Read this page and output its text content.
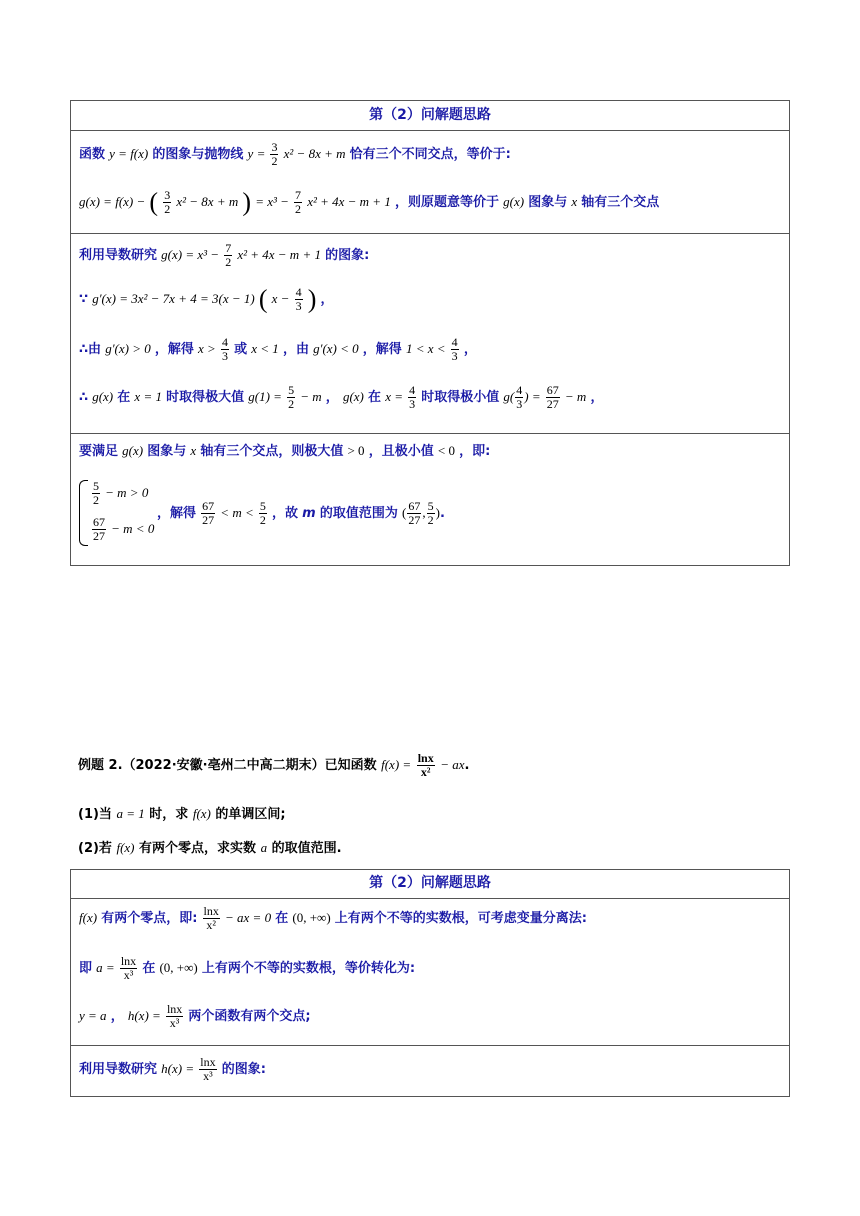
第（2）问解题思路
函数 y = f(x) 的图象与抛物线 $y = \frac{3}{2} x^2 - 8x + m$ 恰有三个不同交点，等价于:
g(x) = f(x) − ( $\frac{3}{2} x^2 - 8x + m$ ) = $x^3 - \frac{7}{2} x^2 + 4x - m + 1$ ，则原题意等价于 g(x) 图象与 x 轴有三个交点
利用导数研究 $g(x) = x^3 - \frac{7}{2} x^2 + 4x - m + 1$ 的图象:
∵ g′(x) = 3x² − 7x + 4 = 3(x − 1) ( $x - \frac{4}{3}$ ) ，
∴由 g′(x) > 0 ，解得 $x > \frac{4}{3}$ 或 x < 1 ，由 g′(x) < 0 ，解得 $1 < x < \frac{4}{3}$ ，
∴ g(x) 在 x = 1 时取得极大值 $g(1) = \frac{5}{2} - m$ ， g(x) 在 $x = \frac{4}{3}$ 时取得极小值 $g( \frac{4}{3}$ ) = $\frac{67}{27} - m$ ，
要满足 g(x) 图象与 x 轴有三个交点，则极大值 > 0 ，且极小值 < 0 ，即:
$\frac{5}{2} - m > 0$
$\frac{67}{27} - m < 0$
，解得 $\frac{67}{27} < m < \frac{5}{2}$ ，故 m 的取值范围为 ( $\frac{67}{27}$ , $\frac{5}{2}$ ).
例题 2.（2022·安徽·亳州二中高二期末）已知函数 $f(x) = \frac{\ln x}{\text{x²}}$ − ax.
(1)当 a = 1 时，求 f(x) 的单调区间;
(2)若 f(x) 有两个零点，求实数 a 的取值范围.
第（2）问解题思路
f(x) 有两个零点，即: $\frac{\ln x}{\text{x²}}$ − ax = 0 在 (0, +∞) 上有两个不等的实数根，可考虑变量分离法:
即 $a = \frac{\ln x}{\text{x³}}$ 在 (0, +∞) 上有两个不等的实数根，等价转化为:
y = a ， $h(x) = \frac{\ln x}{\text{x³}}$ 两个函数有两个交点;
利用导数研究 $h(x) = \frac{\ln x}{\text{x³}}$ 的图象:
